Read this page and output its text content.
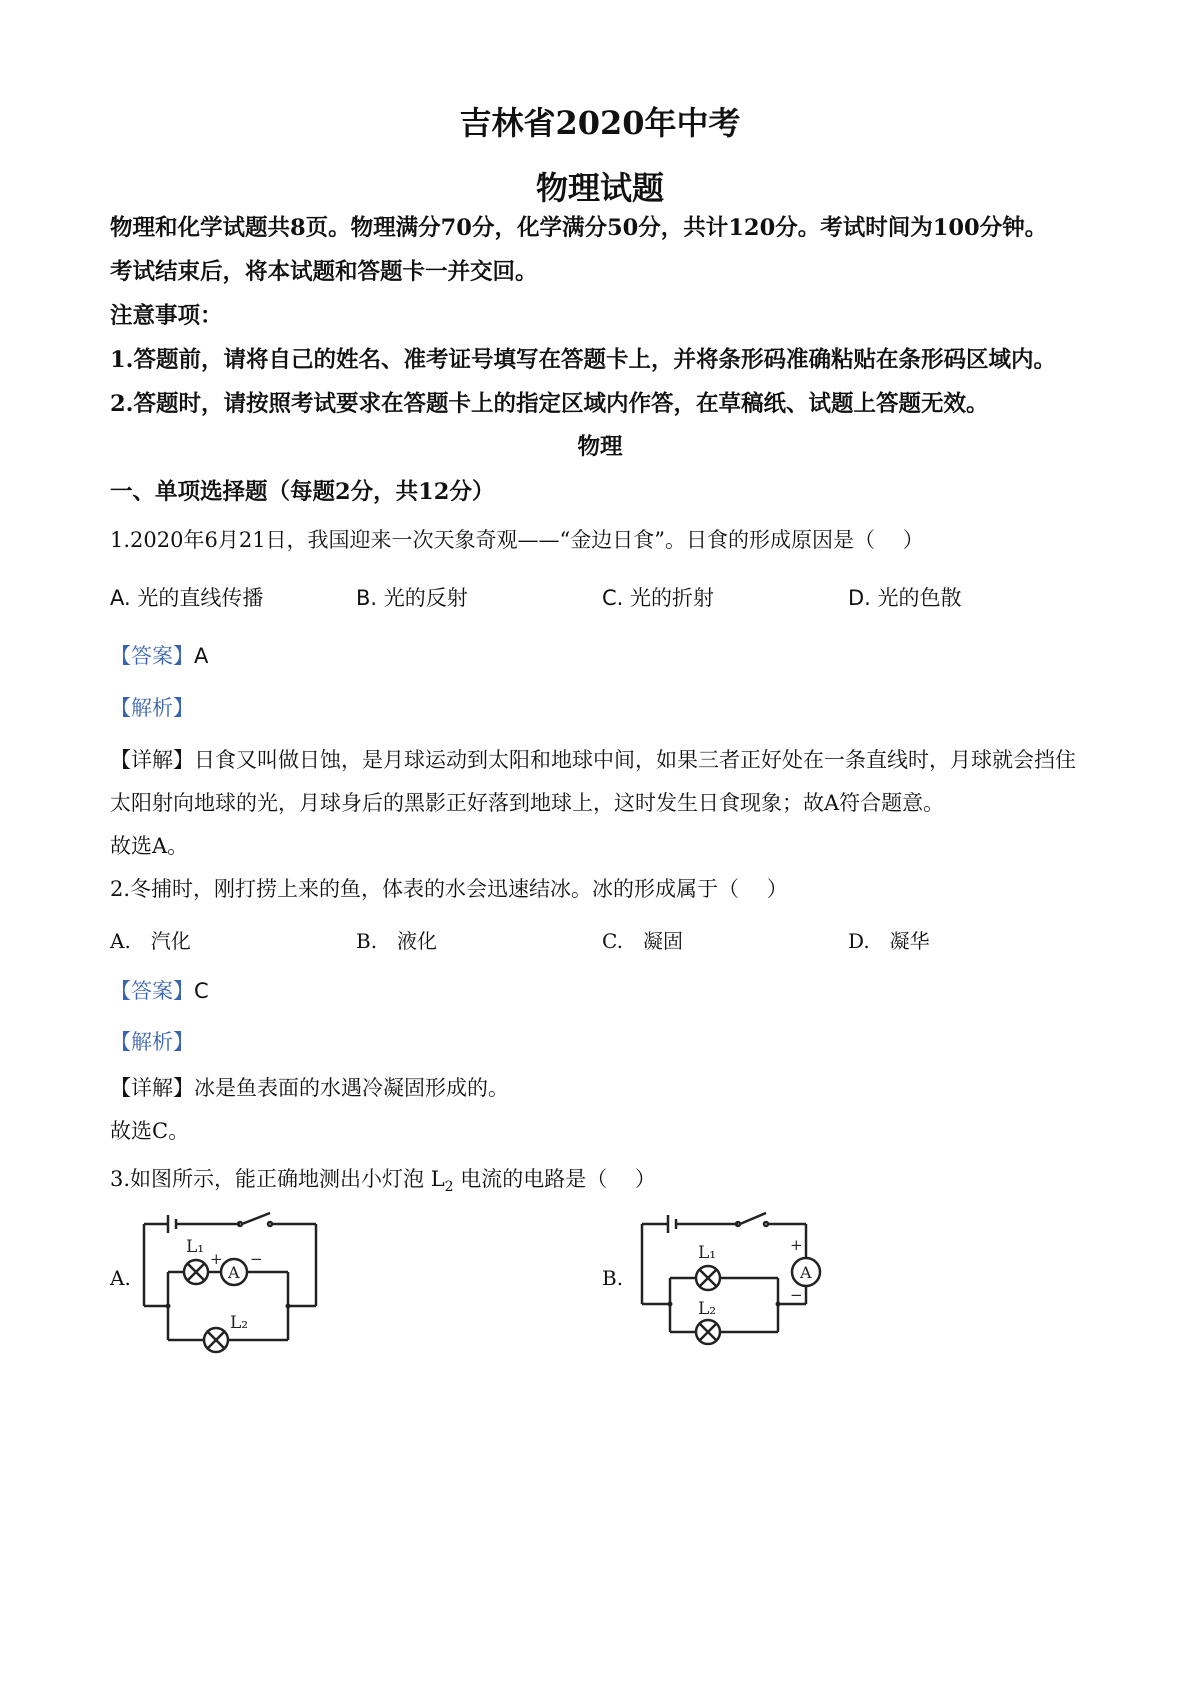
吉林省2020年中考
物理试题
物理和化学试题共8页。物理满分70分，化学满分50分，共计120分。考试时间为100分钟。
考试结束后，将本试题和答题卡一并交回。
注意事项：
1.答题前，请将自己的姓名、准考证号填写在答题卡上，并将条形码准确粘贴在条形码区域内。
2.答题时，请按照考试要求在答题卡上的指定区域内作答，在草稿纸、试题上答题无效。
物理
一、单项选择题（每题2分，共12分）
1.2020年6月21日，我国迎来一次天象奇观——“金边日食”。日食的形成原因是（　 ）
A. 光的直线传播	B. 光的反射	C. 光的折射	D. 光的色散
【答案】A
【解析】
【详解】日食又叫做日蚀，是月球运动到太阳和地球中间，如果三者正好处在一条直线时，月球就会挡住
太阳射向地球的光，月球身后的黑影正好落到地球上，这时发生日食现象；故A符合题意。
故选A。
2.冬捕时，刚打捞上来的鱼，体表的水会迅速结冰。冰的形成属于（　 ）
A.　汽化	B.　液化	C.　凝固	D.　凝华
【答案】C
【解析】
【详解】冰是鱼表面的水遇冷凝固形成的。
故选C。
3.如图所示，能正确地测出小灯泡 $L_2$ 电流的电路是（　 ）
A.	B.
L₁
+
A
−
L₂
L₁	+
A
−
L₂
